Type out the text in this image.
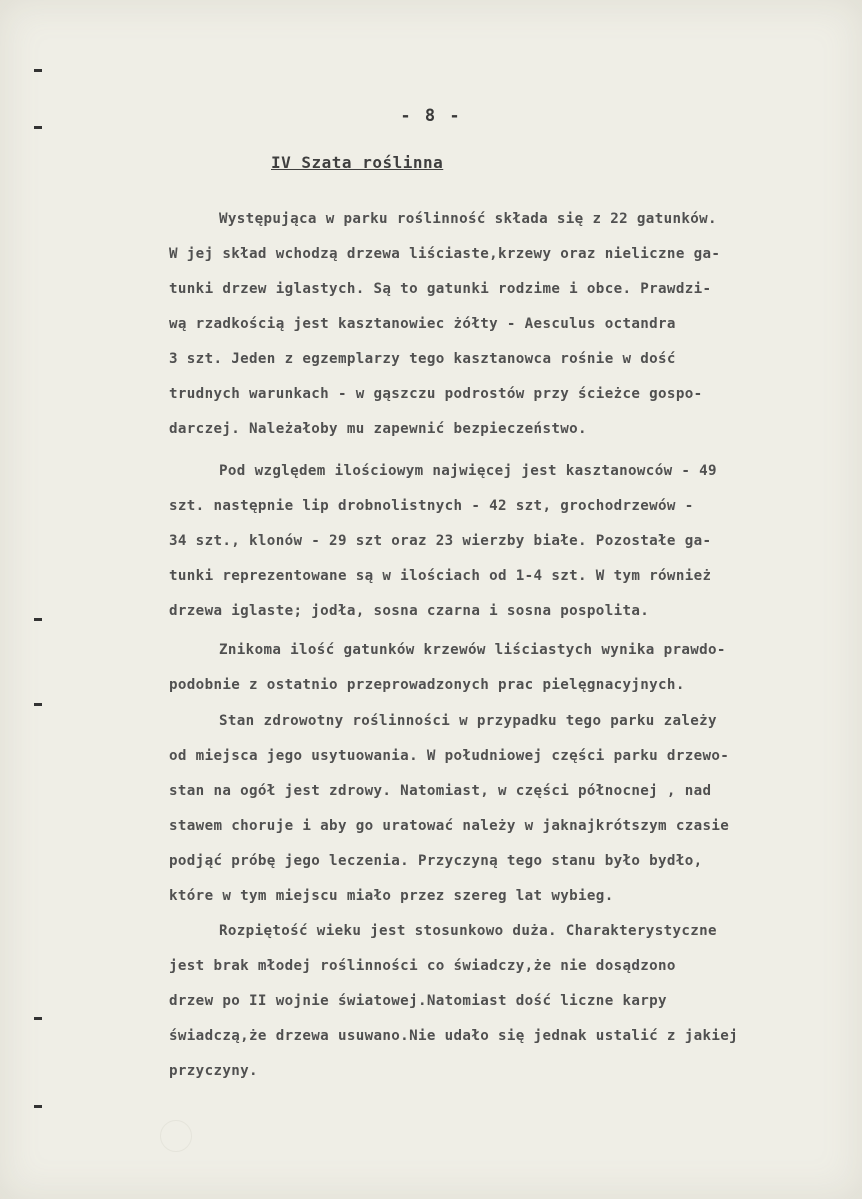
- 8 -
IV Szata roślinna
Występująca w parku roślinność składa się z 22 gatunków.
W jej skład wchodzą drzewa liściaste,krzewy oraz nieliczne ga-
tunki drzew iglastych. Są to gatunki rodzime i obce. Prawdzi-
wą rzadkością jest kasztanowiec żółty - Aesculus octandra
3 szt. Jeden z egzemplarzy tego kasztanowca rośnie w dość
trudnych warunkach - w gąszczu podrostów przy ścieżce gospo-
darczej. Należałoby mu zapewnić bezpieczeństwo.
Pod względem ilościowym najwięcej jest kasztanowców - 49
szt. następnie lip drobnolistnych - 42 szt, grochodrzewów -
34 szt., klonów - 29 szt oraz 23 wierzby białe. Pozostałe ga-
tunki reprezentowane są w ilościach od 1-4 szt. W tym również
drzewa iglaste; jodła, sosna czarna i sosna pospolita.
Znikoma ilość gatunków krzewów liściastych wynika prawdo-
podobnie z ostatnio przeprowadzonych prac pielęgnacyjnych.
Stan zdrowotny roślinności w przypadku tego parku zależy
od miejsca jego usytuowania. W południowej części parku drzewo-
stan na ogół jest zdrowy. Natomiast, w części północnej , nad
stawem choruje i aby go uratować należy w jaknajkrótszym czasie
podjąć próbę jego leczenia. Przyczyną tego stanu było bydło,
które w tym miejscu miało przez szereg lat wybieg.
Rozpiętość wieku jest stosunkowo duża. Charakterystyczne
jest brak młodej roślinności co świadczy,że nie dosądzono
drzew po II wojnie światowej.Natomiast dość liczne karpy
świadczą,że drzewa usuwano.Nie udało się jednak ustalić z jakiej
przyczyny.
